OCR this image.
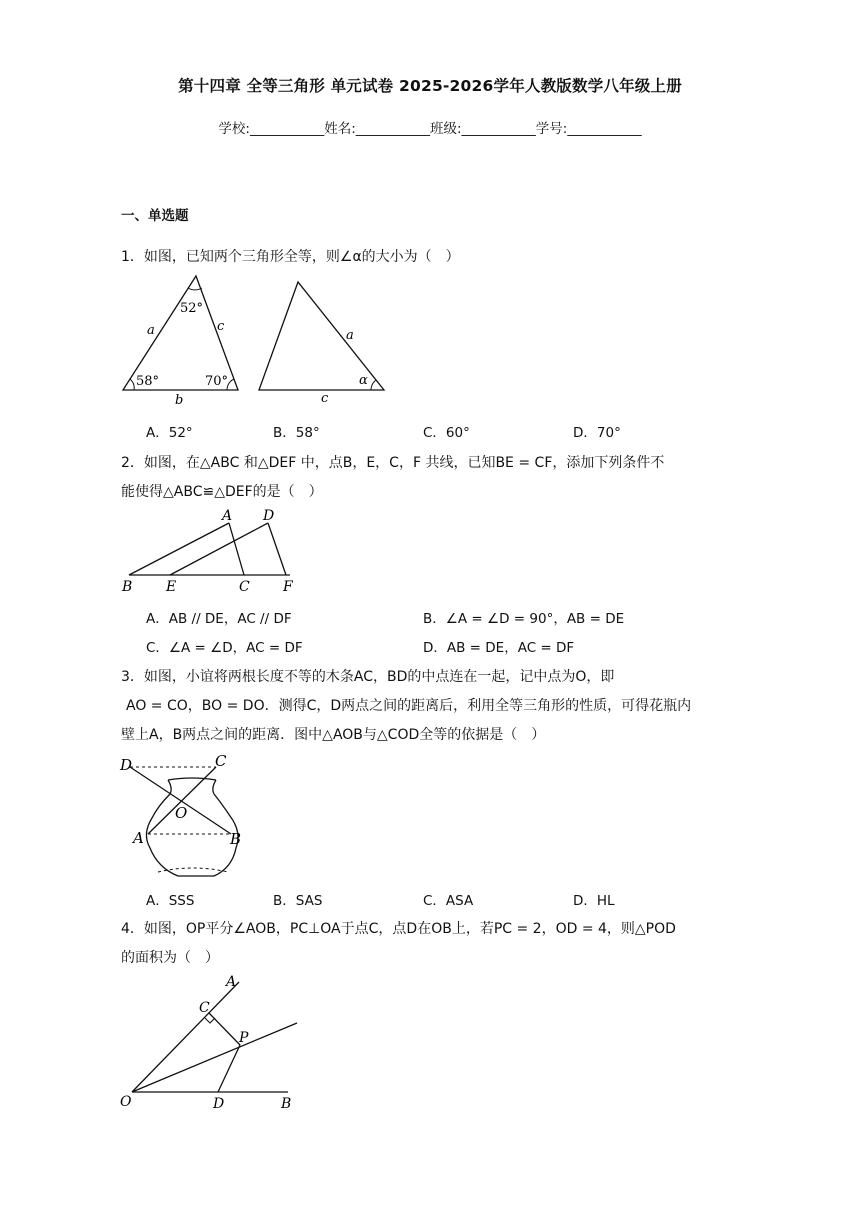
第十四章 全等三角形 单元试卷 2025-2026学年人教版数学八年级上册
学校:___________姓名:___________班级:___________学号:___________
一、单选题
1．如图，已知两个三角形全等，则∠α的大小为（　）
52°
58°	70°
a
b
c
a
c
α
A．52°	B．58°	C．60°	D．70°
2．如图，在△ABC 和△DEF 中，点B，E，C，F 共线，已知BE = CF，添加下列条件不
能使得△ABC≌△DEF的是（　）
A D
B E	C F
A．AB // DE，AC // DF	B．∠A = ∠D = 90°，AB = DE
C．∠A = ∠D，AC = DF	D．AB = DE，AC = DF
3．如图，小谊将两根长度不等的木条AC，BD的中点连在一起，记中点为O，即
AO = CO，BO = DO．测得C，D两点之间的距离后，利用全等三角形的性质，可得花瓶内
壁上A，B两点之间的距离．图中△AOB与△COD全等的依据是（　）
D	C
O
A	B
A．SSS	B．SAS	C．ASA	D．HL
4．如图，OP平分∠AOB，PC⊥OA于点C，点D在OB上，若PC = 2，OD = 4，则△POD
的面积为（　）
A
C
P
O	D	B
